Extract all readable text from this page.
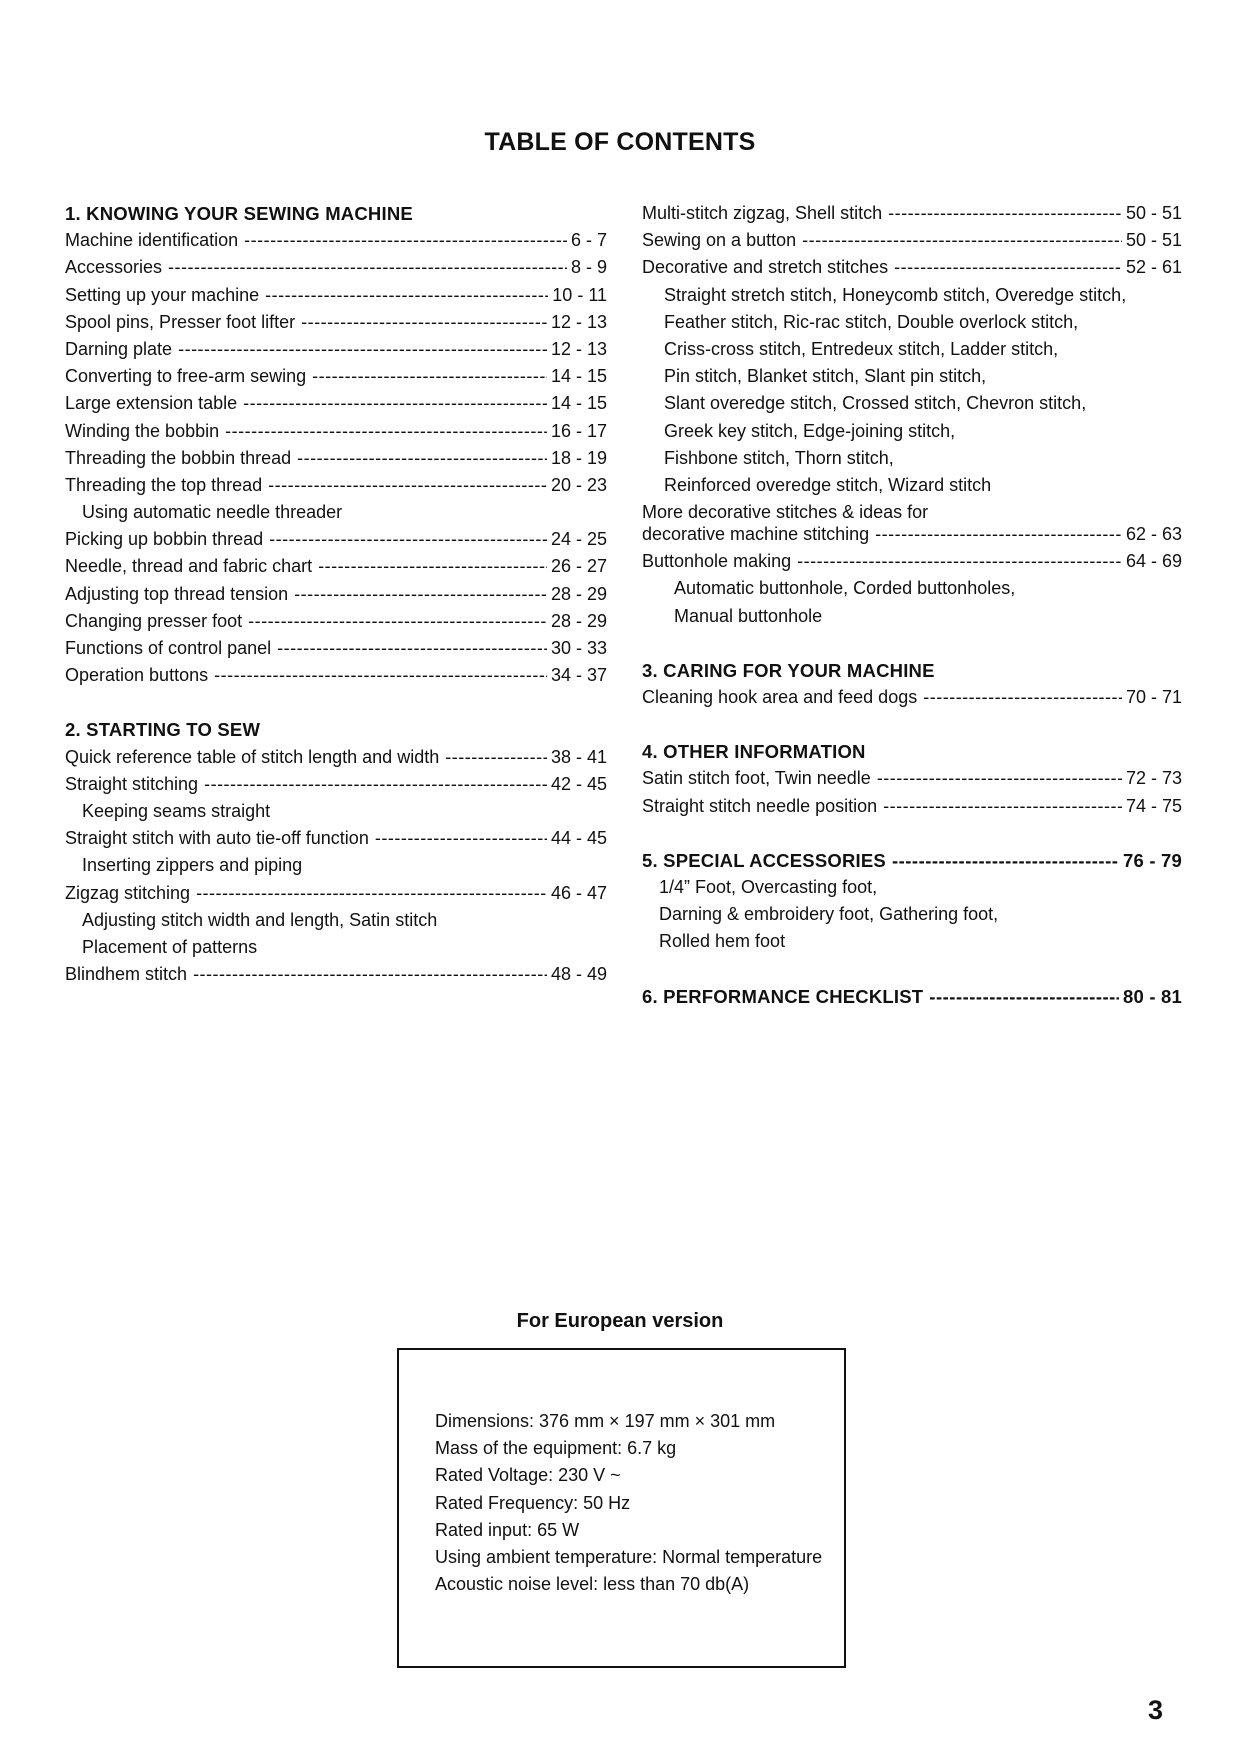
TABLE OF CONTENTS
1. KNOWING YOUR SEWING MACHINE
Machine identification -----	6 - 7
Accessories -----	8 - 9
Setting up your machine -----	10 - 11
Spool pins, Presser foot lifter -----	12 - 13
Darning plate -----	12 - 13
Converting to free-arm sewing -----	14 - 15
Large extension table -----	14 - 15
Winding the bobbin -----	16 - 17
Threading the bobbin thread -----	18 - 19
Threading the top thread -----	20 - 23
Using automatic needle threader
Picking up bobbin thread -----	24 - 25
Needle, thread and fabric chart -----	26 - 27
Adjusting top thread tension -----	28 - 29
Changing presser foot -----	28 - 29
Functions of control panel -----	30 - 33
Operation buttons -----	34 - 37
2. STARTING TO SEW
Quick reference table of stitch length and width -----	38 - 41
Straight stitching -----	42 - 45
Keeping seams straight
Straight stitch with auto tie-off function -----	44 - 45
Inserting zippers and piping
Zigzag stitching -----	46 - 47
Adjusting stitch width and length, Satin stitch
Placement of patterns
Blindhem stitch -----	48 - 49
Multi-stitch zigzag, Shell stitch -----	50 - 51
Sewing on a button -----	50 - 51
Decorative and stretch stitches -----	52 - 61
Straight stretch stitch, Honeycomb stitch, Overedge stitch,
Feather stitch, Ric-rac stitch, Double overlock stitch,
Criss-cross stitch, Entredeux stitch, Ladder stitch,
Pin stitch, Blanket stitch, Slant pin stitch,
Slant overedge stitch, Crossed stitch, Chevron stitch,
Greek key stitch, Edge-joining stitch,
Fishbone stitch, Thorn stitch,
Reinforced overedge stitch, Wizard stitch
More decorative stitches & ideas for
decorative machine stitching -----	62 - 63
Buttonhole making -----	64 - 69
Automatic buttonhole, Corded buttonholes,
Manual buttonhole
3. CARING FOR YOUR MACHINE
Cleaning hook area and feed dogs -----	70 - 71
4. OTHER INFORMATION
Satin stitch foot, Twin needle -----	72 - 73
Straight stitch needle position -----	74 - 75
5. SPECIAL ACCESSORIES -----	76 - 79
1/4” Foot, Overcasting foot,
Darning & embroidery foot, Gathering foot,
Rolled hem foot
6. PERFORMANCE CHECKLIST -----	80 - 81
For European version
Dimensions: 376 mm × 197 mm × 301 mm
Mass of the equipment: 6.7 kg
Rated Voltage: 230 V ~
Rated Frequency: 50 Hz
Rated input: 65 W
Using ambient temperature: Normal temperature
Acoustic noise level: less than 70 db(A)
3
